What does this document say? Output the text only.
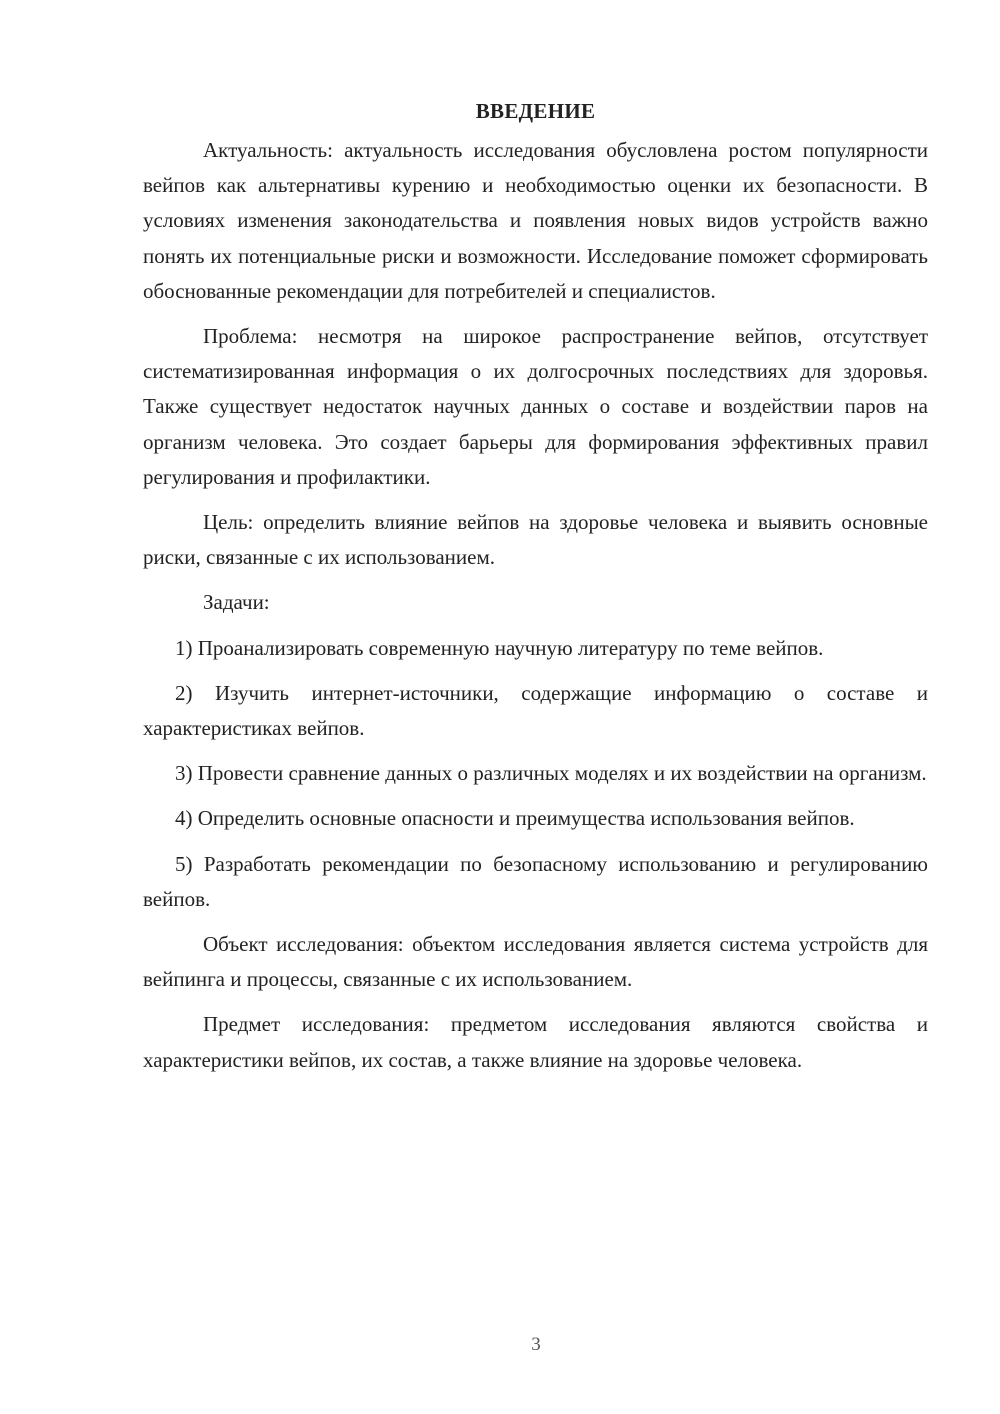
ВВЕДЕНИЕ

Актуальность: актуальность исследования обусловлена ростом популярности вейпов как альтернативы курению и необходимостью оценки их безопасности. В условиях изменения законодательства и появления новых видов устройств важно понять их потенциальные риски и возможности. Исследование поможет сформировать обоснованные рекомендации для потребителей и специалистов.

Проблема: несмотря на широкое распространение вейпов, отсутствует систематизированная информация о их долгосрочных последствиях для здоровья. Также существует недостаток научных данных о составе и воздействии паров на организм человека. Это создает барьеры для формирования эффективных правил регулирования и профилактики.

Цель: определить влияние вейпов на здоровье человека и выявить основные риски, связанные с их использованием.

Задачи:

1) Проанализировать современную научную литературу по теме вейпов.

2) Изучить интернет-источники, содержащие информацию о составе и характеристиках вейпов.

3) Провести сравнение данных о различных моделях и их воздействии на организм.

4) Определить основные опасности и преимущества использования вейпов.

5) Разработать рекомендации по безопасному использованию и регулированию вейпов.

Объект исследования: объектом исследования является система устройств для вейпинга и процессы, связанные с их использованием.

Предмет исследования: предметом исследования являются свойства и характеристики вейпов, их состав, а также влияние на здоровье человека.

3
